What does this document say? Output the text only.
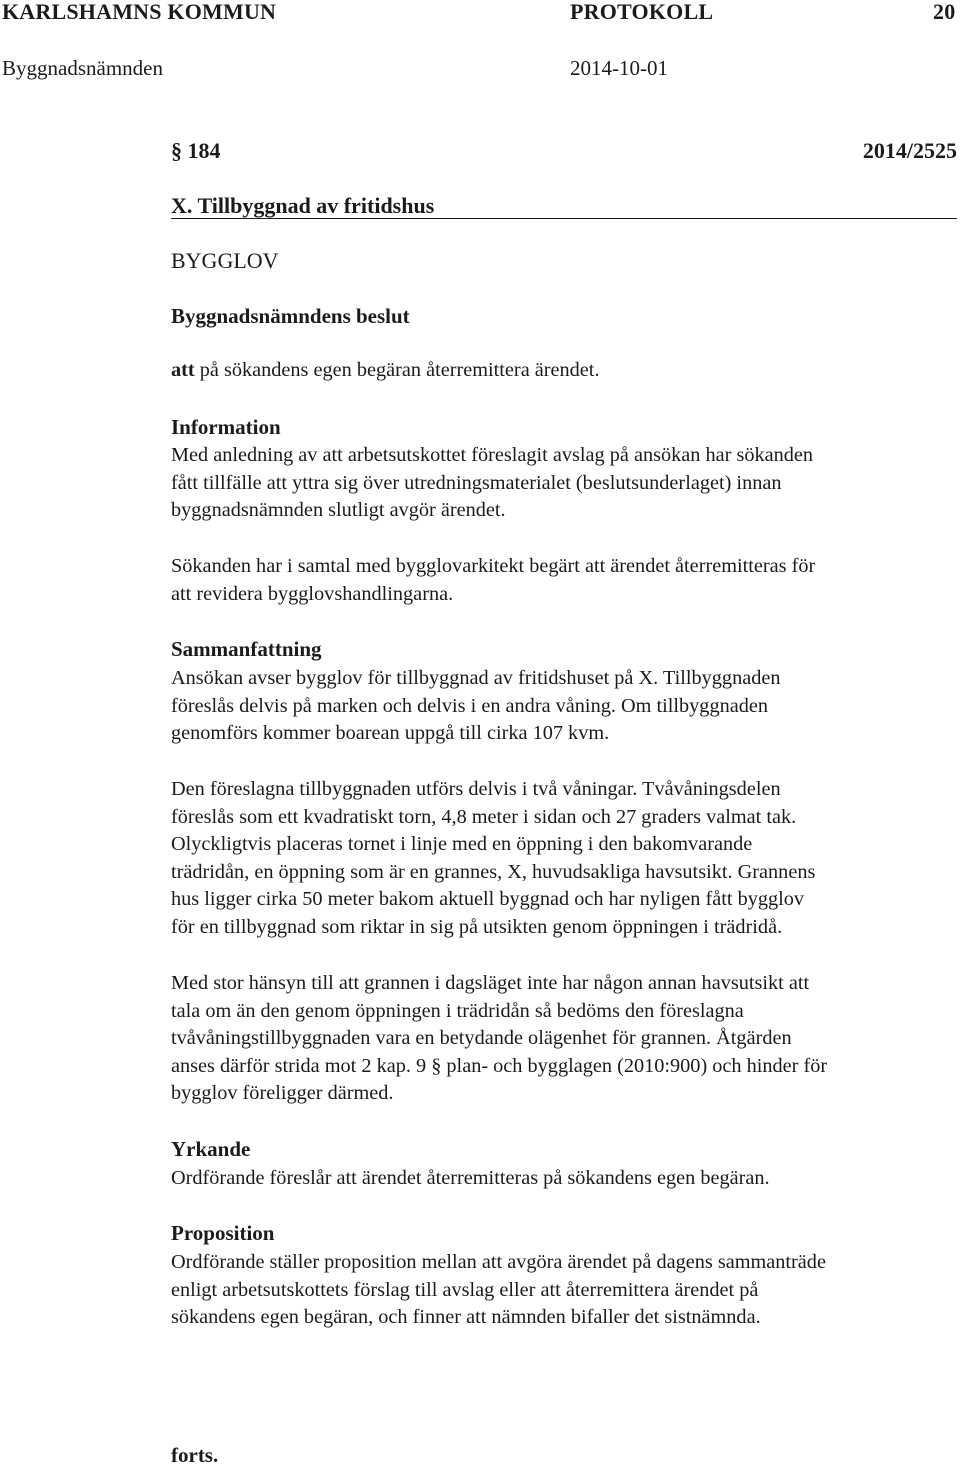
KARLSHAMNS KOMMUN	PROTOKOLL	20
Byggnadsnämnden	2014-10-01
§ 184	2014/2525
X. Tillbyggnad av fritidshus
BYGGLOV
Byggnadsnämndens beslut
att på sökandens egen begäran återremittera ärendet.
Information
Med anledning av att arbetsutskottet föreslagit avslag på ansökan har sökanden
fått tillfälle att yttra sig över utredningsmaterialet (beslutsunderlaget) innan
byggnadsnämnden slutligt avgör ärendet.
Sökanden har i samtal med bygglovarkitekt begärt att ärendet återremitteras för
att revidera bygglovshandlingarna.
Sammanfattning
Ansökan avser bygglov för tillbyggnad av fritidshuset på X. Tillbyggnaden
föreslås delvis på marken och delvis i en andra våning. Om tillbyggnaden
genomförs kommer boarean uppgå till cirka 107 kvm.
Den föreslagna tillbyggnaden utförs delvis i två våningar. Tvåvåningsdelen
föreslås som ett kvadratiskt torn, 4,8 meter i sidan och 27 graders valmat tak.
Olyckligtvis placeras tornet i linje med en öppning i den bakomvarande
trädridån, en öppning som är en grannes, X, huvudsakliga havsutsikt. Grannens
hus ligger cirka 50 meter bakom aktuell byggnad och har nyligen fått bygglov
för en tillbyggnad som riktar in sig på utsikten genom öppningen i trädridå.
Med stor hänsyn till att grannen i dagsläget inte har någon annan havsutsikt att
tala om än den genom öppningen i trädridån så bedöms den föreslagna
tvåvåningstillbyggnaden vara en betydande olägenhet för grannen. Åtgärden
anses därför strida mot 2 kap. 9 § plan- och bygglagen (2010:900) och hinder för
bygglov föreligger därmed.
Yrkande
Ordförande föreslår att ärendet återremitteras på sökandens egen begäran.
Proposition
Ordförande ställer proposition mellan att avgöra ärendet på dagens sammanträde
enligt arbetsutskottets förslag till avslag eller att återremittera ärendet på
sökandens egen begäran, och finner att nämnden bifaller det sistnämnda.
forts.
